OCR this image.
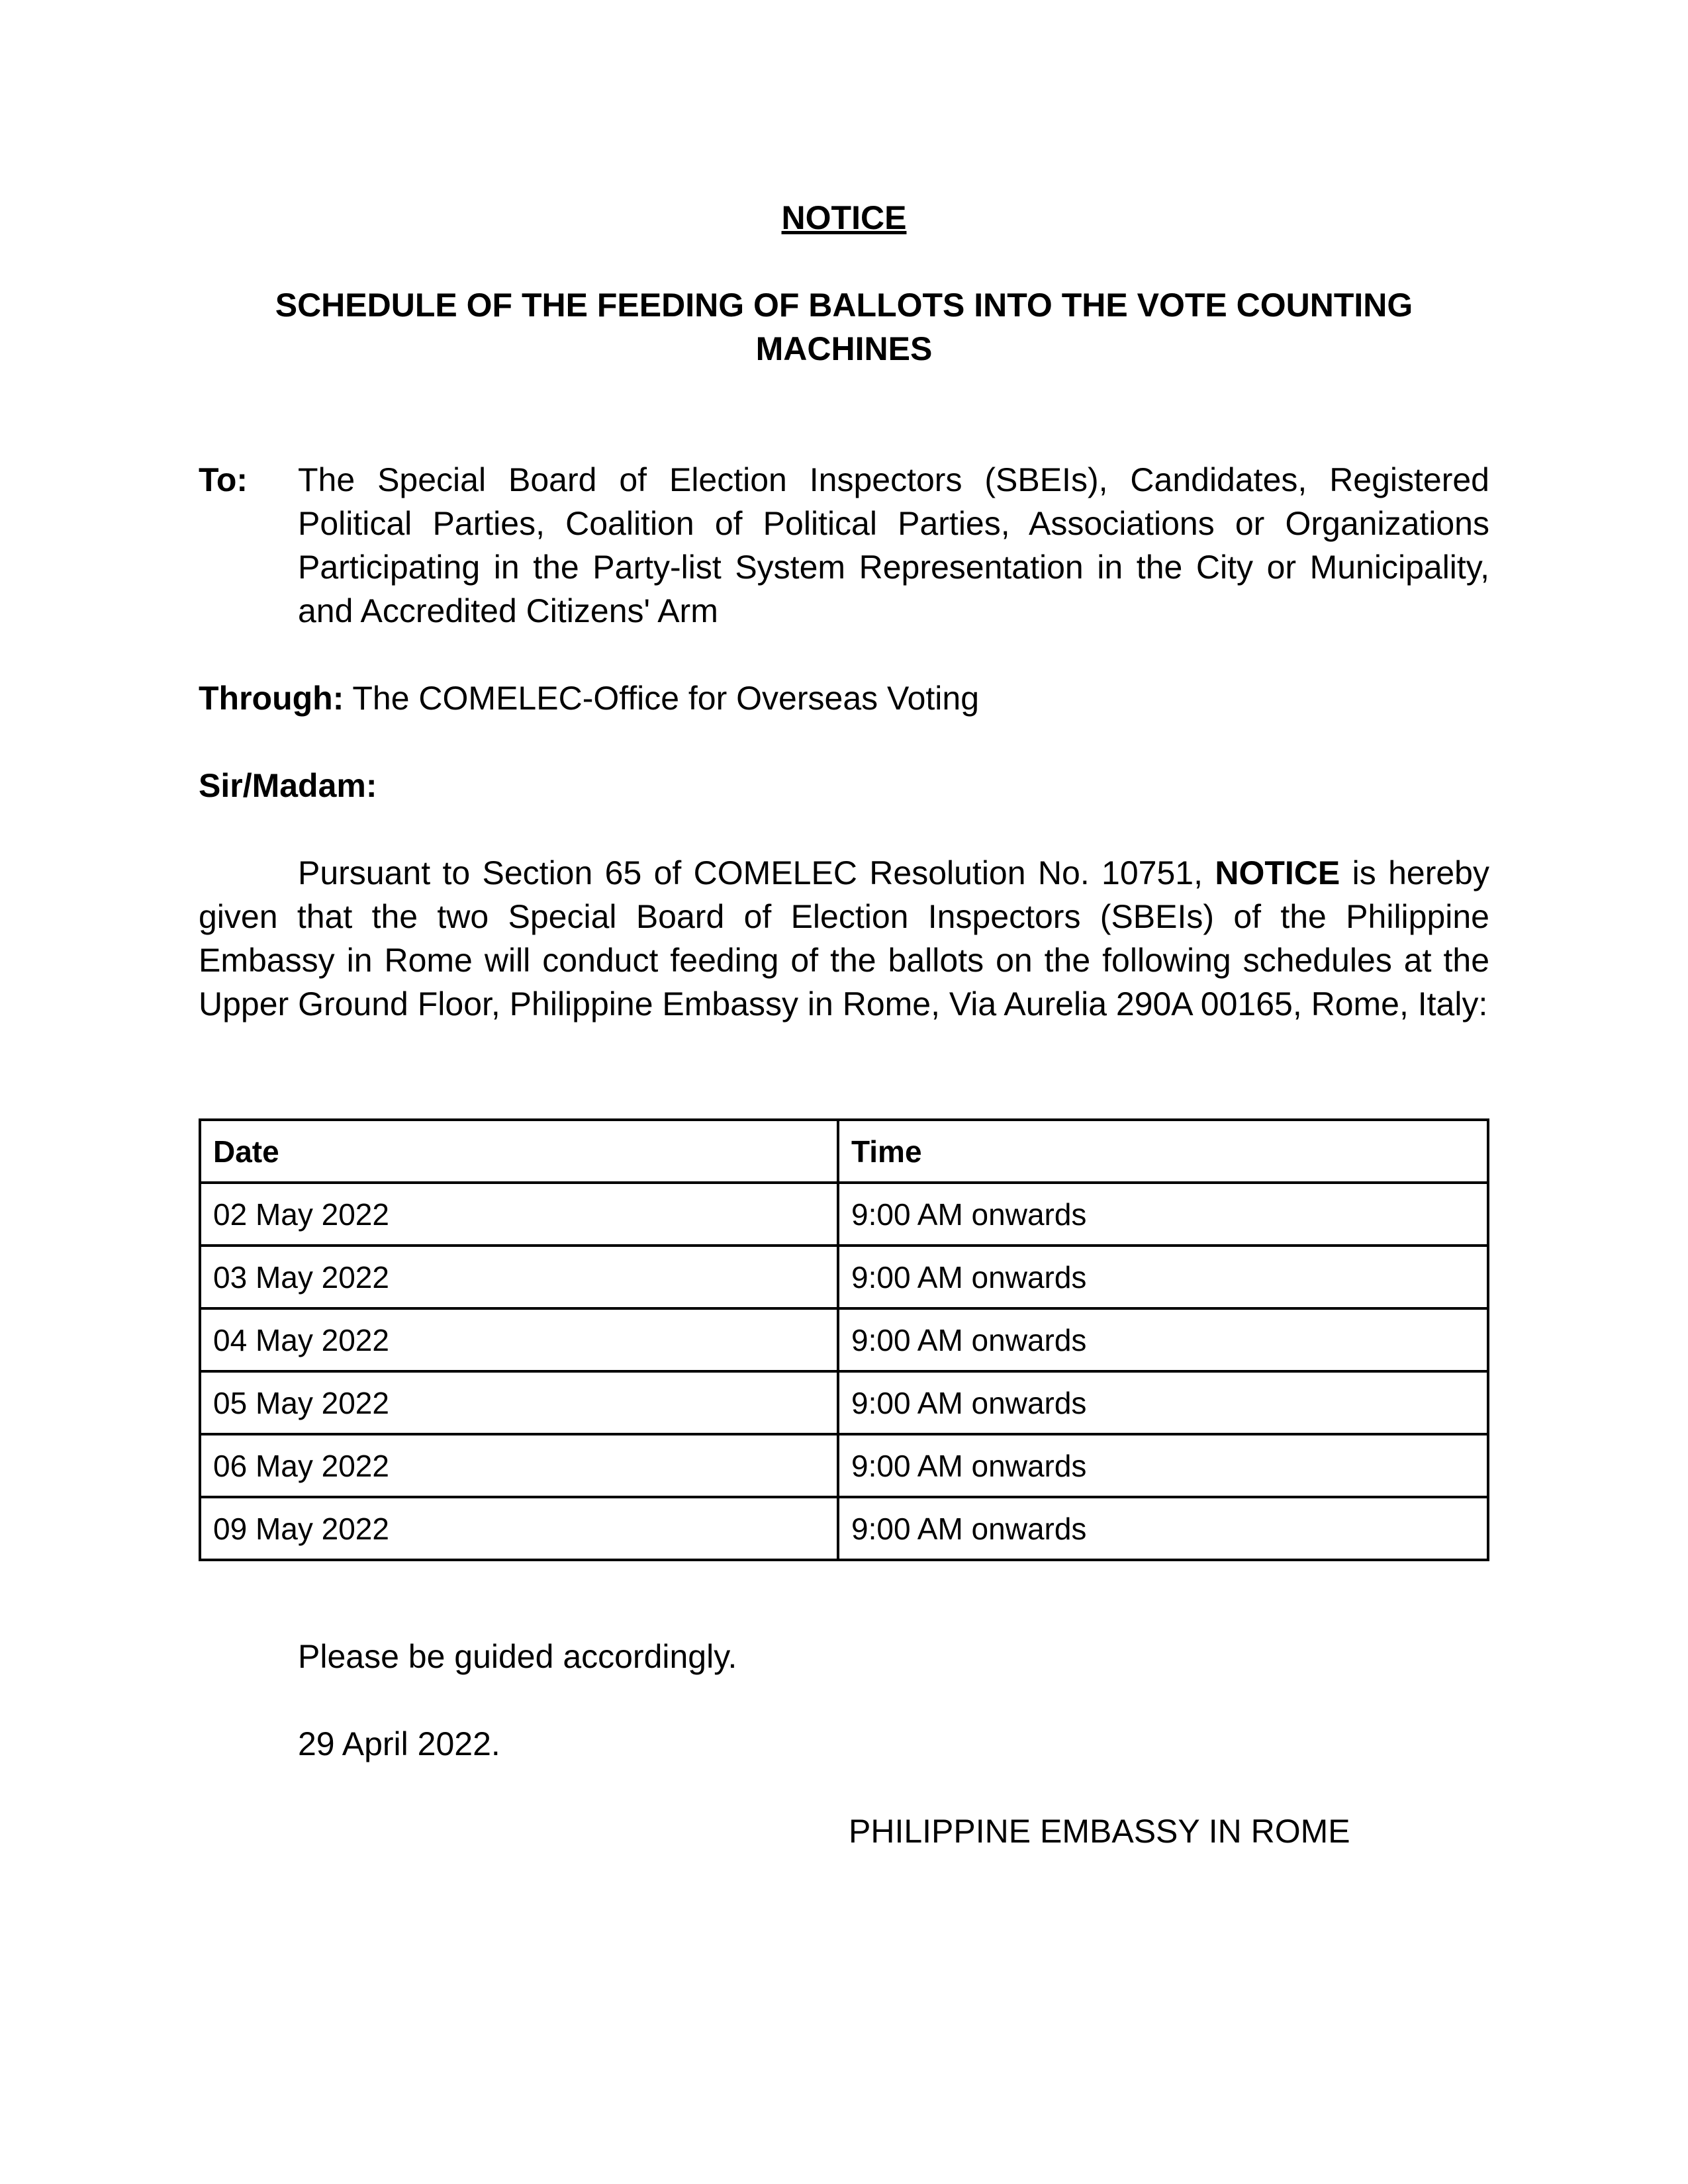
NOTICE
SCHEDULE OF THE FEEDING OF BALLOTS INTO THE VOTE COUNTING MACHINES
To: The Special Board of Election Inspectors (SBEIs), Candidates, Registered Political Parties, Coalition of Political Parties, Associations or Organizations Participating in the Party-list System Representation in the City or Municipality, and Accredited Citizens' Arm
Through: The COMELEC-Office for Overseas Voting
Sir/Madam:
Pursuant to Section 65 of COMELEC Resolution No. 10751, NOTICE is hereby given that the two Special Board of Election Inspectors (SBEIs) of the Philippine Embassy in Rome will conduct feeding of the ballots on the following schedules at the Upper Ground Floor, Philippine Embassy in Rome, Via Aurelia 290A 00165, Rome, Italy:
Date	Time
02 May 2022	9:00 AM onwards
03 May 2022	9:00 AM onwards
04 May 2022	9:00 AM onwards
05 May 2022	9:00 AM onwards
06 May 2022	9:00 AM onwards
09 May 2022	9:00 AM onwards
Please be guided accordingly.
29 April 2022.
PHILIPPINE EMBASSY IN ROME
